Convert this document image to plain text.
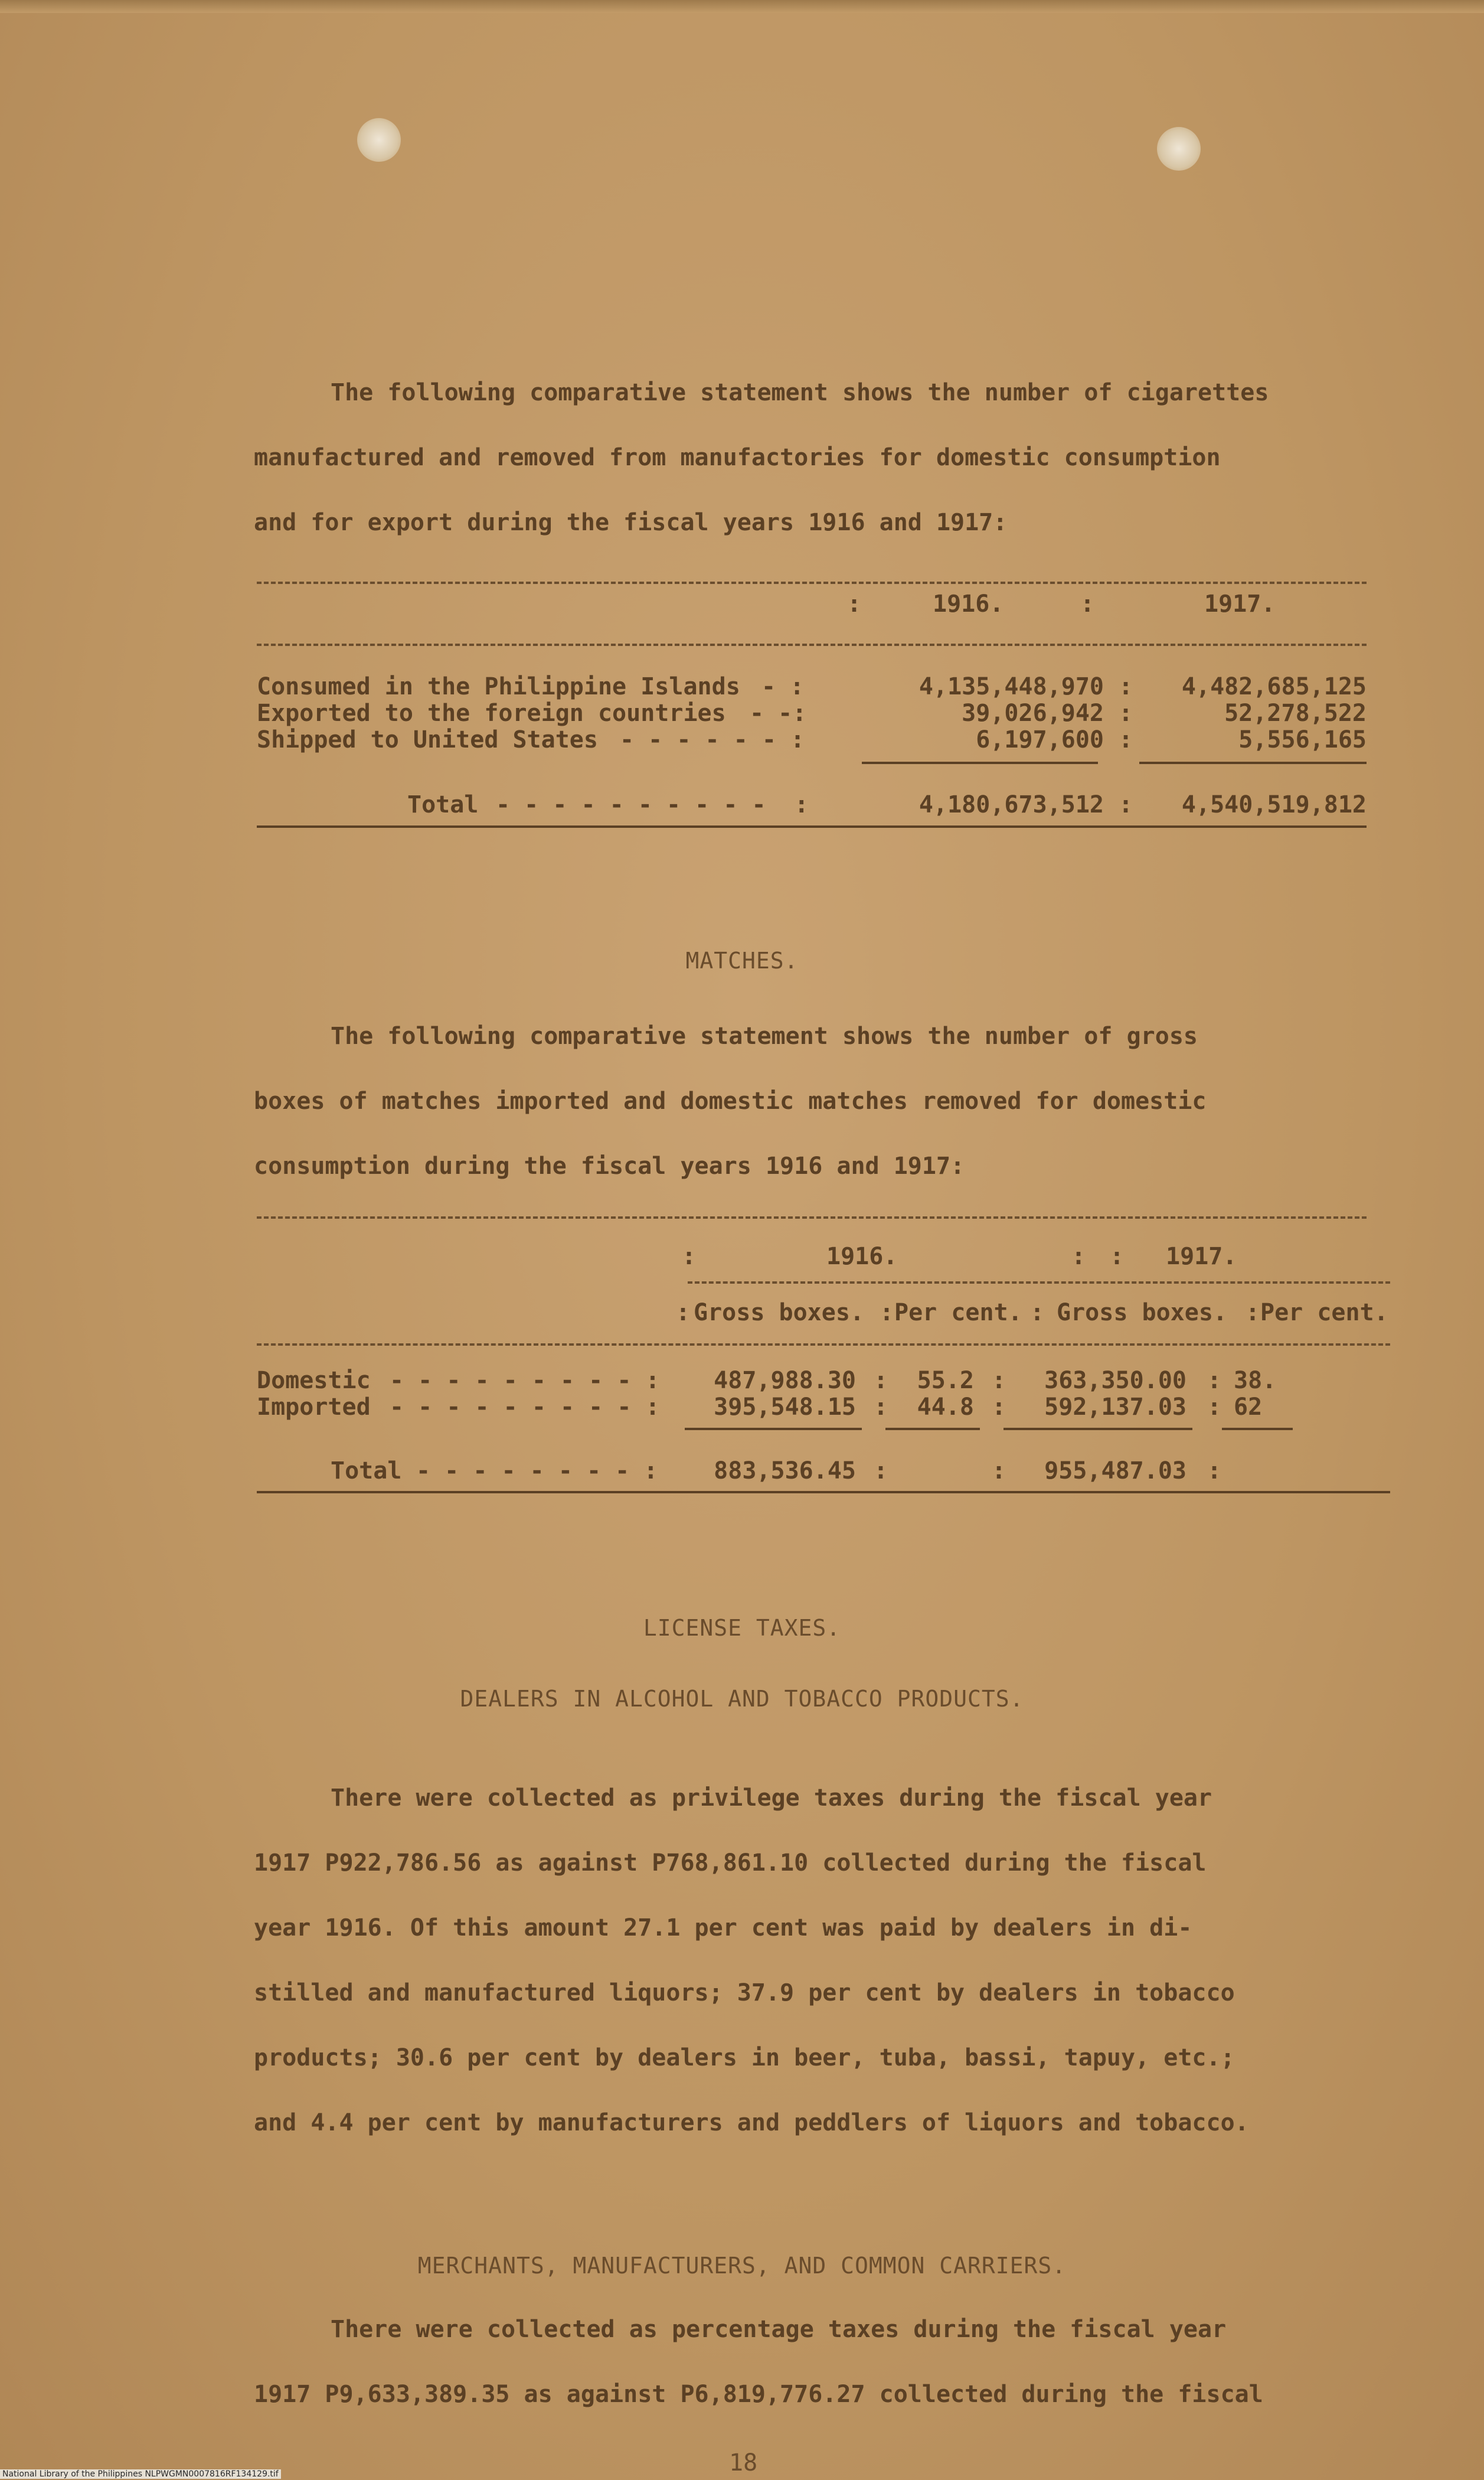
The following comparative statement shows the number of cigarettes
manufactured and removed from manufactories for domestic consumption
and for export during the fiscal years 1916 and 1917:
:	1916.	:	1917.
Consumed in the Philippine Islands - :	4,135,448,970 :	4,482,685,125
Exported to the foreign countries - -:	39,026,942 :	52,278,522
Shipped to United States - - - - - - :	6,197,600 :	5,556,165
Total - - - - - - - - - -  :	4,180,673,512 :	4,540,519,812
MATCHES.
The following comparative statement shows the number of gross
boxes of matches imported and domestic matches removed for domestic
consumption during the fiscal years 1916 and 1917:
:	1916.	: : 1917.
: Gross boxes. : Per cent. : Gross boxes. : Per cent.
Domestic - - - - - - - - - :	487,988.30 :	55.2 :	363,350.00 : 38.
Imported - - - - - - - - - :	395,548.15 :	44.8 :	592,137.03 : 62
Total - - - - - - - - :	883,536.45 :	:	955,487.03 :
LICENSE TAXES.
DEALERS IN ALCOHOL AND TOBACCO PRODUCTS.
There were collected as privilege taxes during the fiscal year
1917 P922,786.56 as against P768,861.10 collected during the fiscal
year 1916. Of this amount 27.1 per cent was paid by dealers in di-
stilled and manufactured liquors; 37.9 per cent by dealers in tobacco
products; 30.6 per cent by dealers in beer, tuba, bassi, tapuy, etc.;
and 4.4 per cent by manufacturers and peddlers of liquors and tobacco.
MERCHANTS, MANUFACTURERS, AND COMMON CARRIERS.
There were collected as percentage taxes during the fiscal year
1917 P9,633,389.35 as against P6,819,776.27 collected during the fiscal
18
National Library of the Philippines NLPWGMN0007816RF134129.tif
